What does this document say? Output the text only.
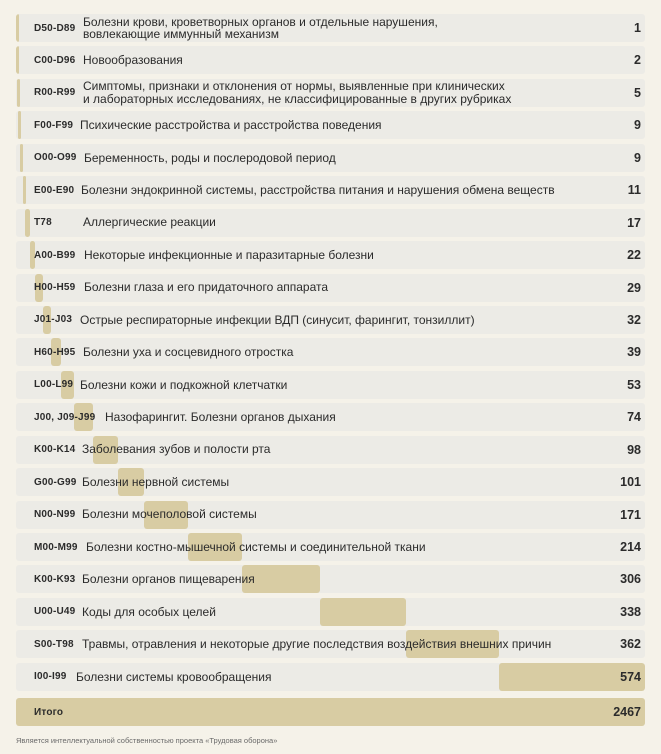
D50-D89 Болезни крови, кроветворных органов и отдельные нарушения,
вовлекающие иммунный механизм	1
C00-D96 Новообразования	2
R00-R99 Симптомы, признаки и отклонения от нормы, выявленные при клинических
и лабораторных исследованиях, не классифицированные в других рубриках	5
F00-F99 Психические расстройства и расстройства поведения	9
O00-O99 Беременность, роды и послеродовой период	9
E00-E90 Болезни эндокринной системы, расстройства питания и нарушения обмена веществ	11
T78	Аллергические реакции	17
A00-B99 Некоторые инфекционные и паразитарные болезни	22
H00-H59 Болезни глаза и его придаточного аппарата	29
J01-J03 Острые респираторные инфекции ВДП (синусит, фарингит, тонзиллит)	32
H60-H95 Болезни уха и сосцевидного отростка	39
L00-L99 Болезни кожи и подкожной клетчатки	53
J00, J09-J99 Назофарингит. Болезни органов дыхания	74
K00-K14 Заболевания зубов и полости рта	98
G00-G99 Болезни нервной системы	101
N00-N99 Болезни мочеполовой системы	171
M00-M99 Болезни костно-мышечной системы и соединительной ткани	214
K00-K93 Болезни органов пищеварения	306
U00-U49 Коды для особых целей	338
S00-T98 Травмы, отравления и некоторые другие последствия воздействия внешних причин	362
I00-I99 Болезни системы кровообращения	574
Итого	2467
Является интеллектуальной собственностью проекта «Трудовая оборона»
